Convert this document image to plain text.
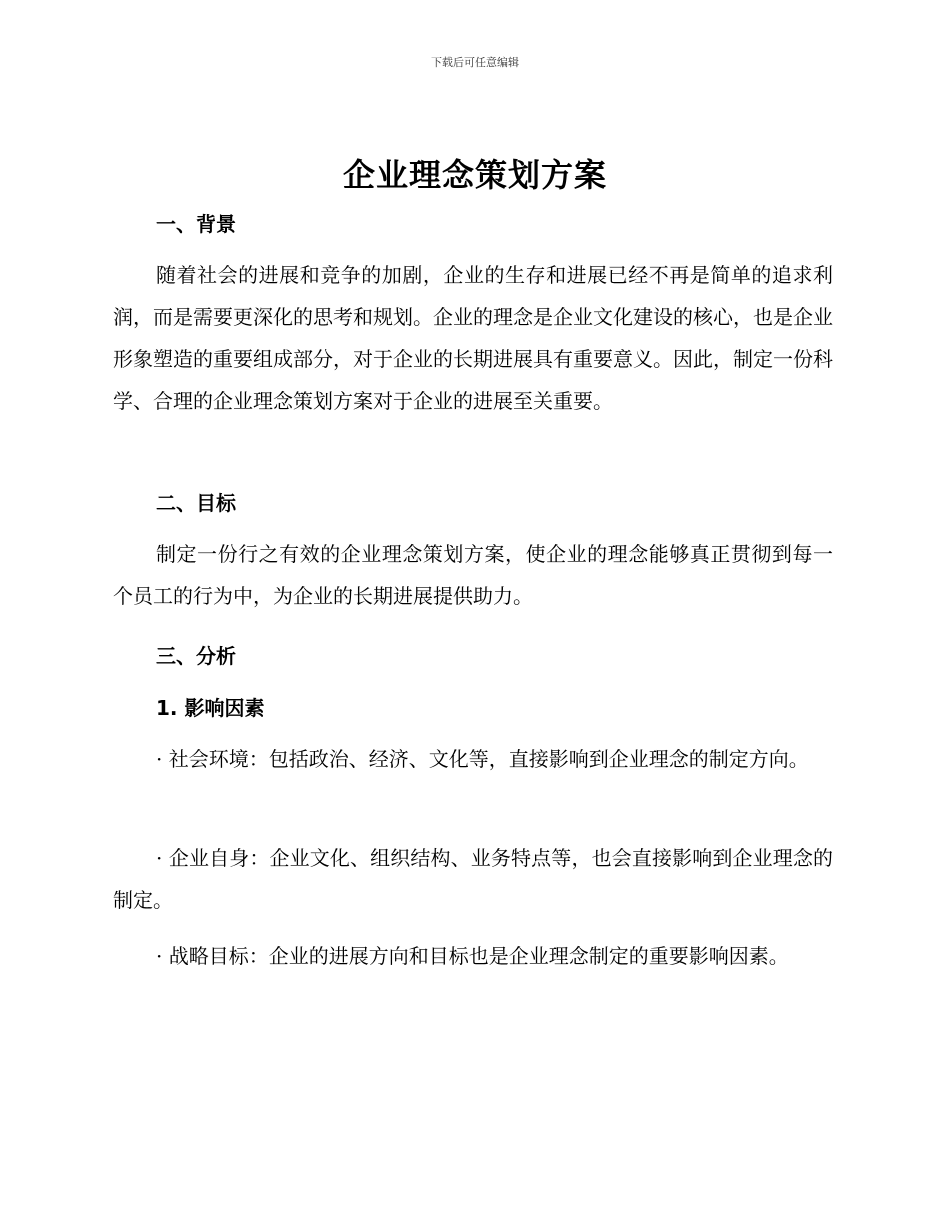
下载后可任意编辑
企业理念策划方案
一、背景
随着社会的进展和竞争的加剧，企业的生存和进展已经不再是简单的追求利润，而是需要更深化的思考和规划。企业的理念是企业文化建设的核心，也是企业形象塑造的重要组成部分，对于企业的长期进展具有重要意义。因此，制定一份科学、合理的企业理念策划方案对于企业的进展至关重要。
二、目标
制定一份行之有效的企业理念策划方案，使企业的理念能够真正贯彻到每一个员工的行为中，为企业的长期进展提供助力。
三、分析
1. 影响因素
· 社会环境：包括政治、经济、文化等，直接影响到企业理念的制定方向。
· 企业自身：企业文化、组织结构、业务特点等，也会直接影响到企业理念的制定。
· 战略目标：企业的进展方向和目标也是企业理念制定的重要影响因素。
